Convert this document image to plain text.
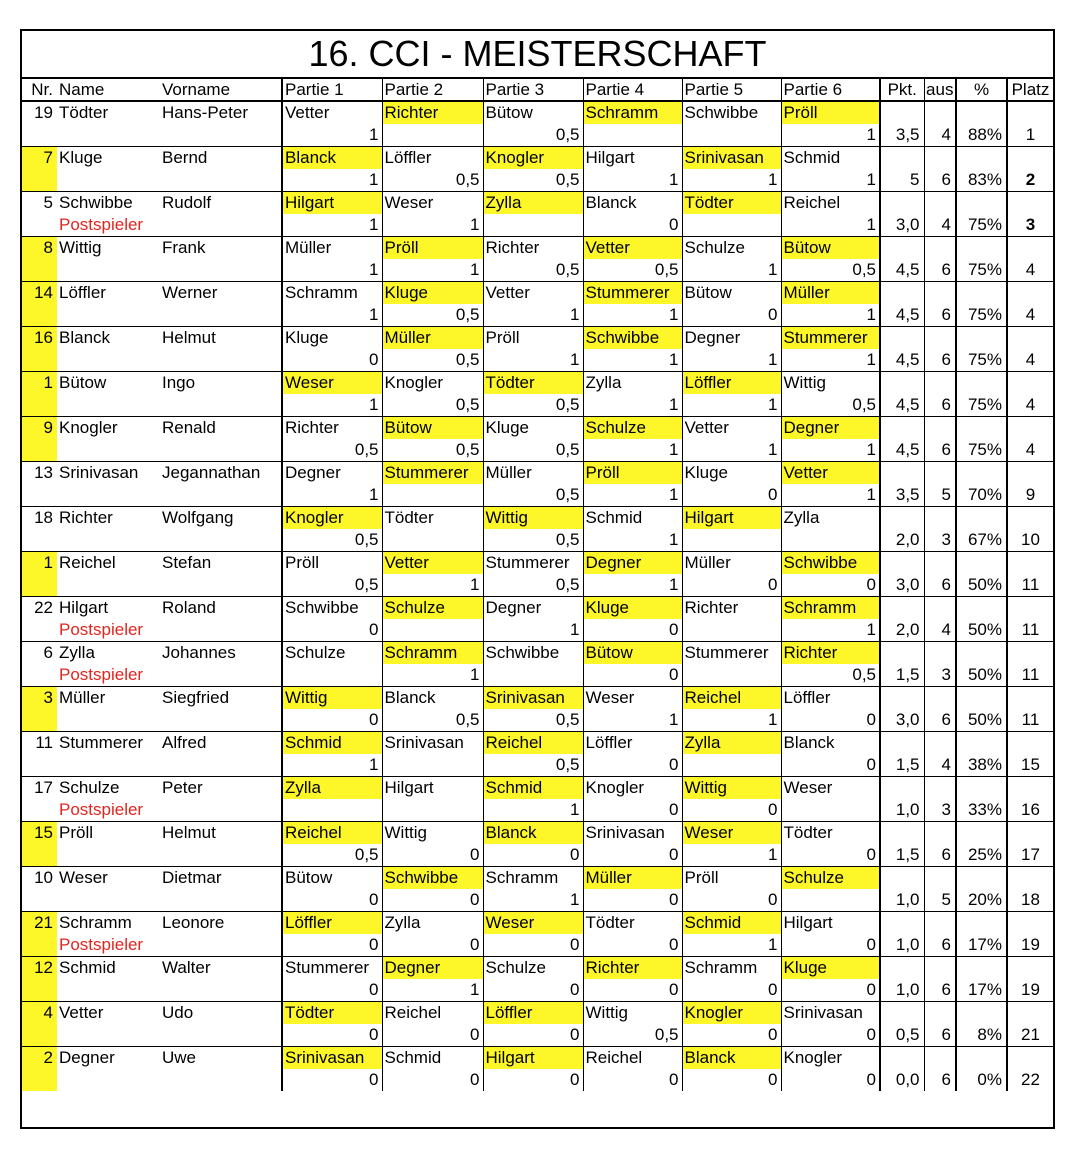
16. CCI - MEISTERSCHAFT
Nr.	Name	Vorname	Partie 1	Partie 2	Partie 3	Partie 4	Partie 5	Partie 6	Pkt.	aus	%	Platz
19	Tödter	Hans-Peter	Vetter	Richter	Bütow	Schramm	Schwibbe	Pröll				
			1		0,5			1	3,5	4	88%	1
7	Kluge	Bernd	Blanck	Löffler	Knogler	Hilgart	Srinivasan	Schmid				
			1	0,5	0,5	1	1	1	5	6	83%	2
5	Schwibbe	Rudolf	Hilgart	Weser	Zylla	Blanck	Tödter	Reichel				
	Postspieler		1	1		0		1	3,0	4	75%	3
8	Wittig	Frank	Müller	Pröll	Richter	Vetter	Schulze	Bütow				
			1	1	0,5	0,5	1	0,5	4,5	6	75%	4
14	Löffler	Werner	Schramm	Kluge	Vetter	Stummerer	Bütow	Müller				
			1	0,5	1	1	0	1	4,5	6	75%	4
16	Blanck	Helmut	Kluge	Müller	Pröll	Schwibbe	Degner	Stummerer				
			0	0,5	1	1	1	1	4,5	6	75%	4
1	Bütow	Ingo	Weser	Knogler	Tödter	Zylla	Löffler	Wittig				
			1	0,5	0,5	1	1	0,5	4,5	6	75%	4
9	Knogler	Renald	Richter	Bütow	Kluge	Schulze	Vetter	Degner				
			0,5	0,5	0,5	1	1	1	4,5	6	75%	4
13	Srinivasan	Jegannathan	Degner	Stummerer	Müller	Pröll	Kluge	Vetter				
			1		0,5	1	0	1	3,5	5	70%	9
18	Richter	Wolfgang	Knogler	Tödter	Wittig	Schmid	Hilgart	Zylla				
			0,5		0,5	1			2,0	3	67%	10
1	Reichel	Stefan	Pröll	Vetter	Stummerer	Degner	Müller	Schwibbe				
			0,5	1	0,5	1	0	0	3,0	6	50%	11
22	Hilgart	Roland	Schwibbe	Schulze	Degner	Kluge	Richter	Schramm				
	Postspieler		0		1	0		1	2,0	4	50%	11
6	Zylla	Johannes	Schulze	Schramm	Schwibbe	Bütow	Stummerer	Richter				
	Postspieler			1		0		0,5	1,5	3	50%	11
3	Müller	Siegfried	Wittig	Blanck	Srinivasan	Weser	Reichel	Löffler				
			0	0,5	0,5	1	1	0	3,0	6	50%	11
11	Stummerer	Alfred	Schmid	Srinivasan	Reichel	Löffler	Zylla	Blanck				
			1		0,5	0		0	1,5	4	38%	15
17	Schulze	Peter	Zylla	Hilgart	Schmid	Knogler	Wittig	Weser				
	Postspieler				1	0	0		1,0	3	33%	16
15	Pröll	Helmut	Reichel	Wittig	Blanck	Srinivasan	Weser	Tödter				
			0,5	0	0	0	1	0	1,5	6	25%	17
10	Weser	Dietmar	Bütow	Schwibbe	Schramm	Müller	Pröll	Schulze				
			0	0	1	0	0		1,0	5	20%	18
21	Schramm	Leonore	Löffler	Zylla	Weser	Tödter	Schmid	Hilgart				
	Postspieler		0	0	0	0	1	0	1,0	6	17%	19
12	Schmid	Walter	Stummerer	Degner	Schulze	Richter	Schramm	Kluge				
			0	1	0	0	0	0	1,0	6	17%	19
4	Vetter	Udo	Tödter	Reichel	Löffler	Wittig	Knogler	Srinivasan				
			0	0	0	0,5	0	0	0,5	6	8%	21
2	Degner	Uwe	Srinivasan	Schmid	Hilgart	Reichel	Blanck	Knogler				
			0	0	0	0	0	0	0,0	6	0%	22
